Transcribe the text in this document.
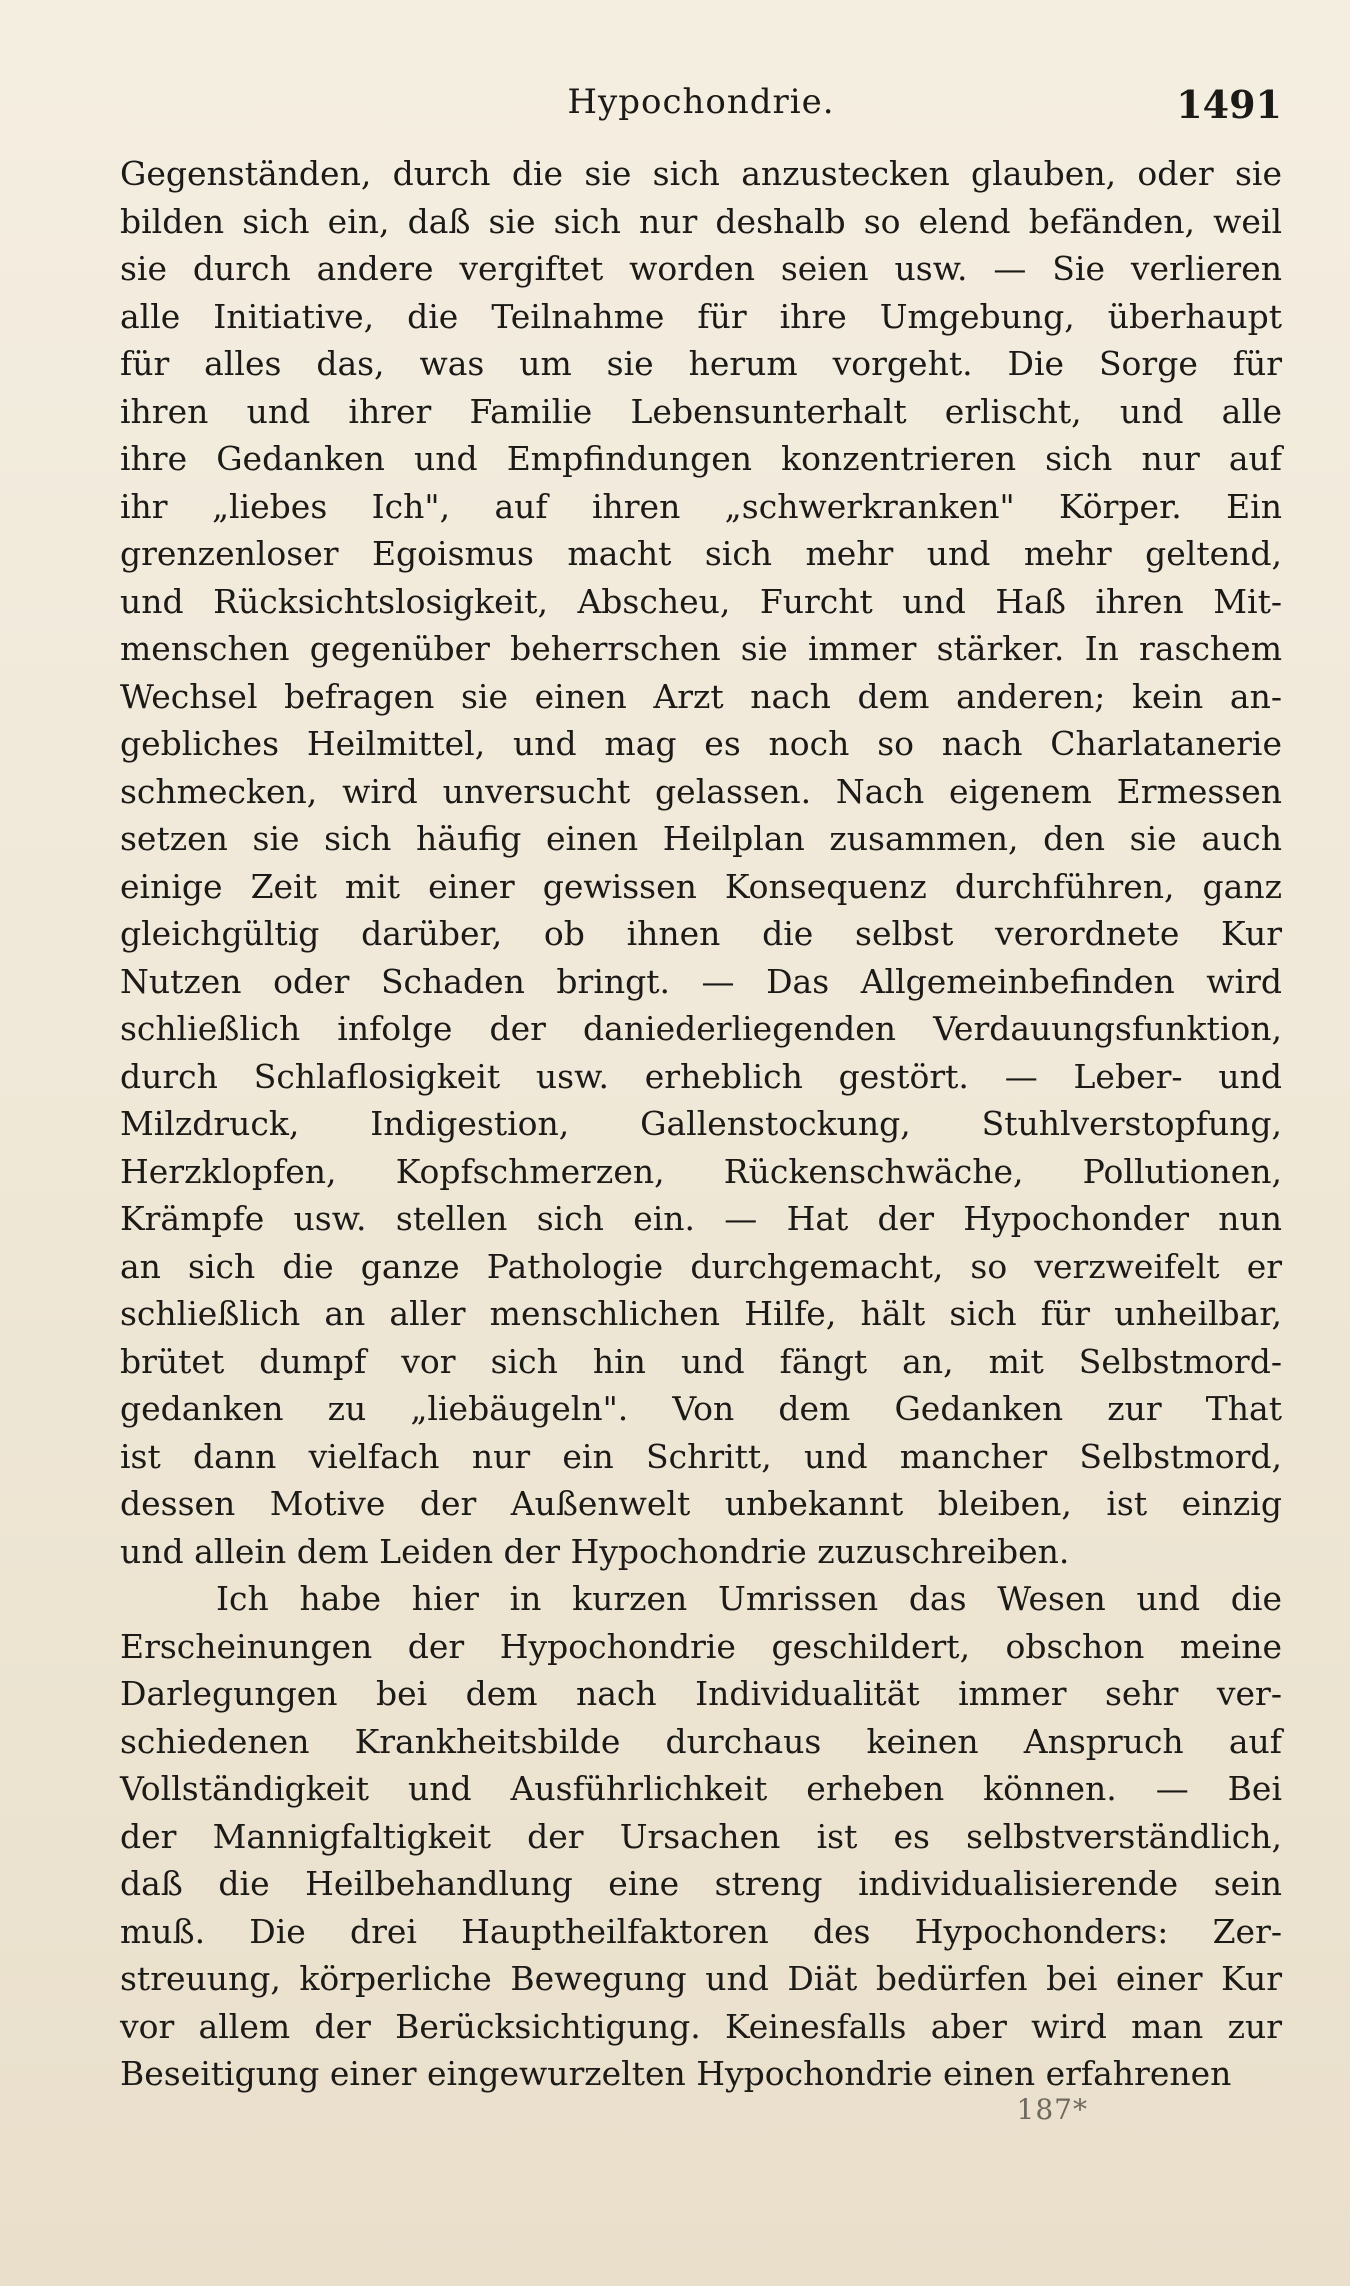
Hypochondrie.	1491
Gegenständen, durch die sie sich anzustecken glauben, oder sie
bilden sich ein, daß sie sich nur deshalb so elend befänden, weil
sie durch andere vergiftet worden seien usw. — Sie verlieren
alle Initiative, die Teilnahme für ihre Umgebung, überhaupt
für alles das, was um sie herum vorgeht. Die Sorge für
ihren und ihrer Familie Lebensunterhalt erlischt, und alle
ihre Gedanken und Empfindungen konzentrieren sich nur auf
ihr „liebes Ich", auf ihren „schwerkranken" Körper. Ein
grenzenloser Egoismus macht sich mehr und mehr geltend,
und Rücksichtslosigkeit, Abscheu, Furcht und Haß ihren Mit-
menschen gegenüber beherrschen sie immer stärker. In raschem
Wechsel befragen sie einen Arzt nach dem anderen; kein an-
gebliches Heilmittel, und mag es noch so nach Charlatanerie
schmecken, wird unversucht gelassen. Nach eigenem Ermessen
setzen sie sich häufig einen Heilplan zusammen, den sie auch
einige Zeit mit einer gewissen Konsequenz durchführen, ganz
gleichgültig darüber, ob ihnen die selbst verordnete Kur
Nutzen oder Schaden bringt. — Das Allgemeinbefinden wird
schließlich infolge der daniederliegenden Verdauungsfunktion,
durch Schlaflosigkeit usw. erheblich gestört. — Leber- und
Milzdruck, Indigestion, Gallenstockung, Stuhlverstopfung,
Herzklopfen, Kopfschmerzen, Rückenschwäche, Pollutionen,
Krämpfe usw. stellen sich ein. — Hat der Hypochonder nun
an sich die ganze Pathologie durchgemacht, so verzweifelt er
schließlich an aller menschlichen Hilfe, hält sich für unheilbar,
brütet dumpf vor sich hin und fängt an, mit Selbstmord-
gedanken zu „liebäugeln". Von dem Gedanken zur That
ist dann vielfach nur ein Schritt, und mancher Selbstmord,
dessen Motive der Außenwelt unbekannt bleiben, ist einzig
und allein dem Leiden der Hypochondrie zuzuschreiben.
Ich habe hier in kurzen Umrissen das Wesen und die
Erscheinungen der Hypochondrie geschildert, obschon meine
Darlegungen bei dem nach Individualität immer sehr ver-
schiedenen Krankheitsbilde durchaus keinen Anspruch auf
Vollständigkeit und Ausführlichkeit erheben können. — Bei
der Mannigfaltigkeit der Ursachen ist es selbstverständlich,
daß die Heilbehandlung eine streng individualisierende sein
muß. Die drei Hauptheilfaktoren des Hypochonders: Zer-
streuung, körperliche Bewegung und Diät bedürfen bei einer Kur
vor allem der Berücksichtigung. Keinesfalls aber wird man zur
Beseitigung einer eingewurzelten Hypochondrie einen erfahrenen
187*
